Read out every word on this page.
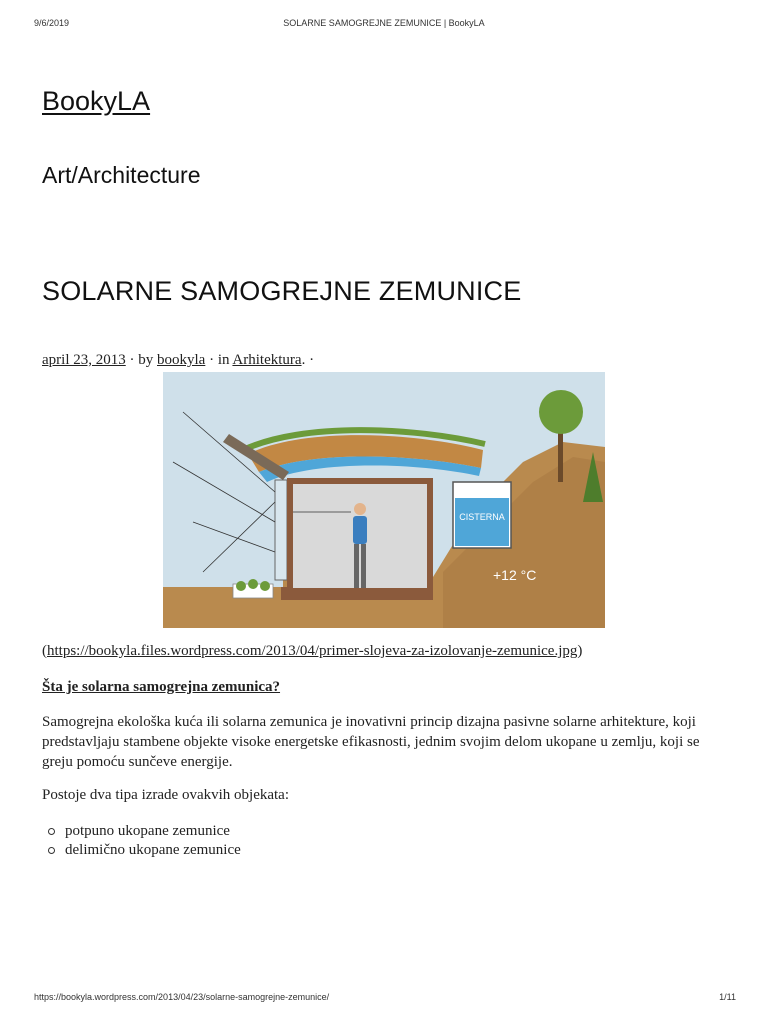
9/6/2019	SOLARNE SAMOGREJNE ZEMUNICE | BookyLA
BookyLA
Art/Architecture
SOLARNE SAMOGREJNE ZEMUNICE
april 23, 2013 · by bookyla · in Arhitektura. ·
CISTERNA
+12 °C
(https://bookyla.files.wordpress.com/2013/04/primer-slojeva-za-izolovanje-zemunice.jpg)
Šta je solarna samogrejna zemunica?

Samogrejna ekološka kuća ili solarna zemunica je inovativni princip dizajna pasivne solarne arhitekture, koji predstavljaju stambene objekte visoke energetske efikasnosti, jednim svojim delom ukopane u zemlju, koji se greju pomoću sunčeve energije.

Postoje dva tipa izrade ovakvih objekata:

potpuno ukopane zemunice
delimično ukopane zemunice
https://bookyla.wordpress.com/2013/04/23/solarne-samogrejne-zemunice/	1/11
